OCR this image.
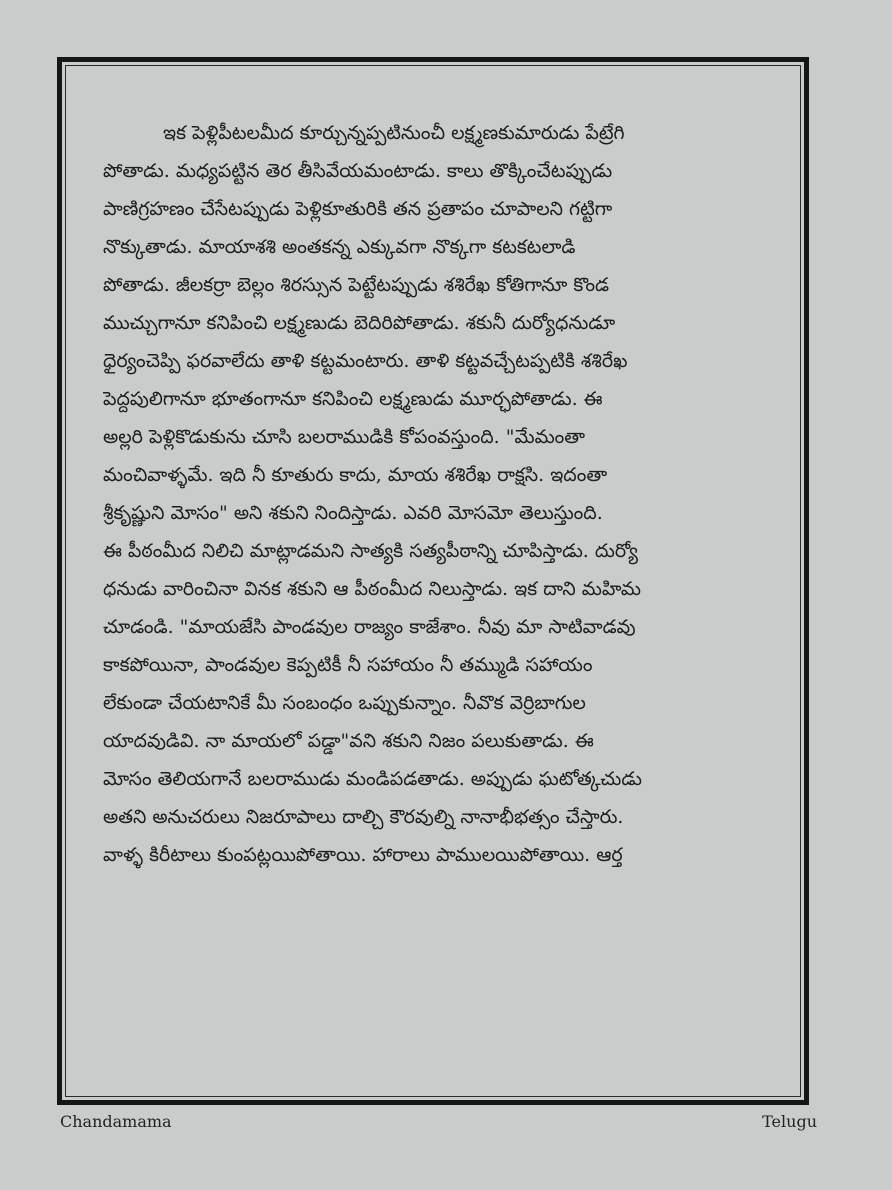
ఇక పెళ్లిపీటలమీద కూర్చున్నప్పటినుంచీ లక్ష్మణకుమారుడు పేట్రేగి
పోతాడు. మధ్యపట్టిన తెర తీసివేయమంటాడు. కాలు తొక్కించేటప్పుడు
పాణిగ్రహణం చేసేటప్పుడు పెళ్లికూతురికి తన ప్రతాపం చూపాలని గట్టిగా
నొక్కుతాడు. మాయాశశి అంతకన్న ఎక్కువగా నొక్కగా కటకటలాడి
పోతాడు. జీలకర్రా బెల్లం శిరస్సున పెట్టేటప్పుడు శశిరేఖ కోతిగానూ కొండ
ముచ్చుగానూ కనిపించి లక్ష్మణుడు బెదిరిపోతాడు. శకునీ దుర్యోధనుడూ
ధైర్యంచెప్పి ఫరవాలేదు తాళి కట్టమంటారు. తాళి కట్టవచ్చేటప్పటికి శశిరేఖ
పెద్దపులిగానూ భూతంగానూ కనిపించి లక్ష్మణుడు మూర్ఛపోతాడు. ఈ
అల్లరి పెళ్లికొడుకును చూసి బలరాముడికి కోపంవస్తుంది. "మేమంతా
మంచివాళ్ళమే. ఇది నీ కూతురు కాదు, మాయ శశిరేఖ రాక్షసి. ఇదంతా
శ్రీకృష్ణుని మోసం" అని శకుని నిందిస్తాడు. ఎవరి మోసమో తెలుస్తుంది.
ఈ పీఠంమీద నిలిచి మాట్లాడమని సాత్యకి సత్యపీఠాన్ని చూపిస్తాడు. దుర్యో
ధనుడు వారించినా వినక శకుని ఆ పీఠంమీద నిలుస్తాడు. ఇక దాని మహిమ
చూడండి. "మాయజేసి పాండవుల రాజ్యం కాజేశాం. నీవు మా సాటివాడవు
కాకపోయినా, పాండవుల కెప్పటికీ నీ సహాయం నీ తమ్ముడి సహాయం
లేకుండా చేయటానికే మీ సంబంధం ఒప్పుకున్నాం. నీవొక వెర్రిబాగుల
యాదవుడివి. నా మాయలో పడ్డా"వని శకుని నిజం పలుకుతాడు. ఈ
మోసం తెలియగానే బలరాముడు మండిపడతాడు. అప్పుడు ఘటోత్కచుడు
అతని అనుచరులు నిజరూపాలు దాల్చి కౌరవుల్ని నానాభీభత్సం చేస్తారు.
వాళ్ళ కిరీటాలు కుంపట్లయిపోతాయి. హారాలు పాములయిపోతాయి. ఆర్త
Chandamama	Telugu
